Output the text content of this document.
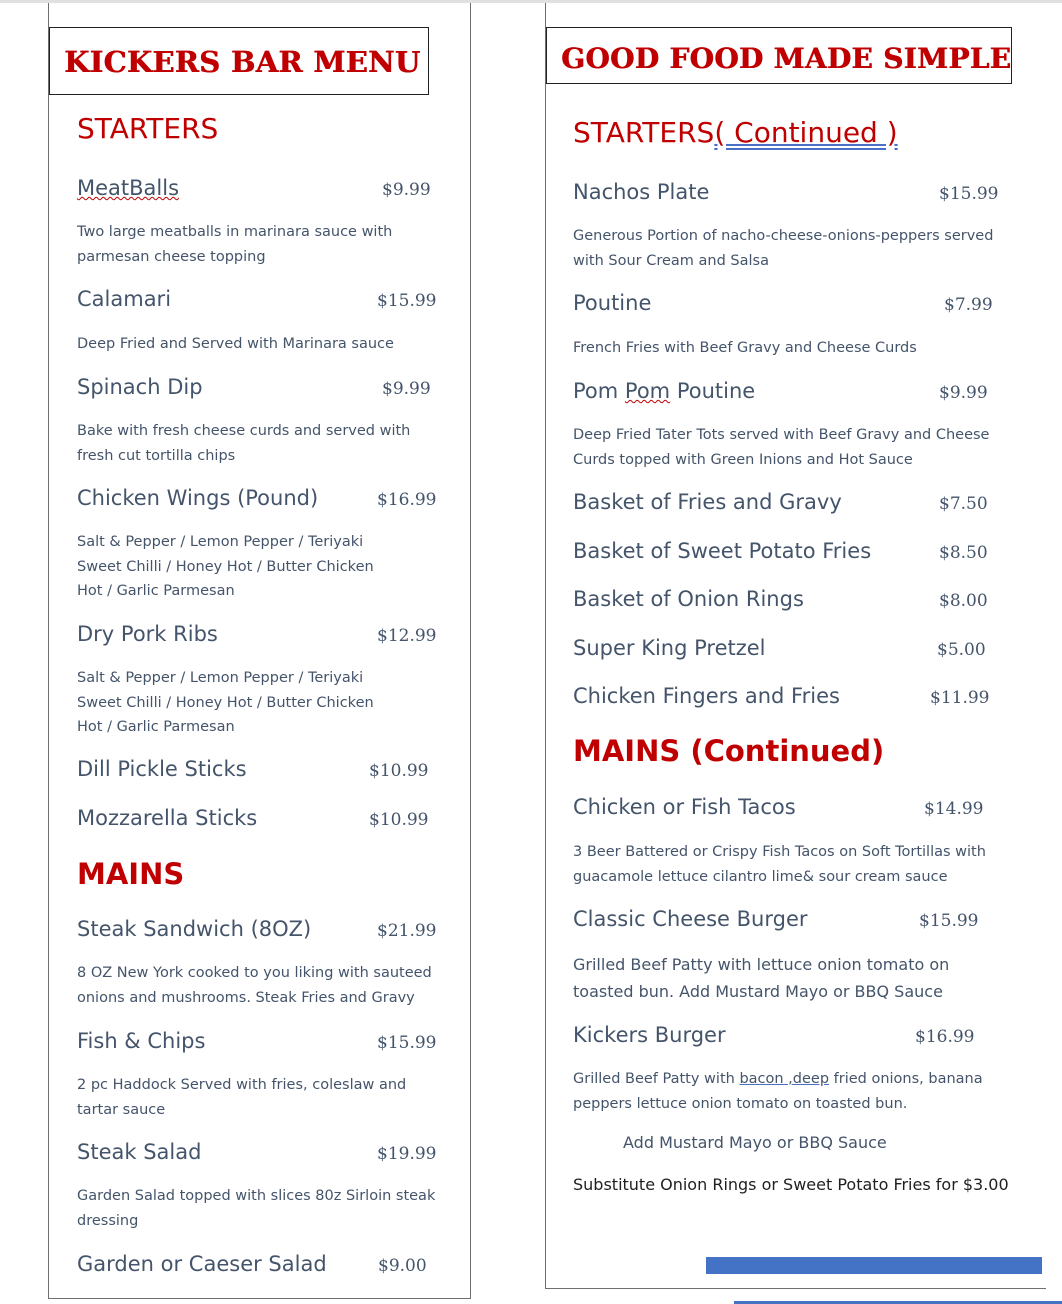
KICKERS BAR MENU
STARTERS
MeatBalls	$9.99
Two large meatballs in marinara sauce with
parmesan cheese topping
Calamari	$15.99
Deep Fried and Served with Marinara sauce
Spinach Dip	$9.99
Bake with fresh cheese curds and served with
fresh cut tortilla chips
Chicken Wings (Pound)	$16.99
Salt & Pepper / Lemon Pepper / Teriyaki
Sweet Chilli / Honey Hot / Butter Chicken
Hot / Garlic Parmesan
Dry Pork Ribs	$12.99
Salt & Pepper / Lemon Pepper / Teriyaki
Sweet Chilli / Honey Hot / Butter Chicken
Hot / Garlic Parmesan
Dill Pickle Sticks	$10.99
Mozzarella Sticks	$10.99
MAINS
Steak Sandwich (8OZ)	$21.99
8 OZ New York cooked to you liking with sauteed
onions and mushrooms. Steak Fries and Gravy
Fish & Chips	$15.99
2 pc Haddock Served with fries, coleslaw and
tartar sauce
Steak Salad	$19.99
Garden Salad topped with slices 80z Sirloin steak
dressing
Garden or Caeser Salad	$9.00
GOOD FOOD MADE SIMPLE
STARTERS( Continued )
Nachos Plate	$15.99
Generous Portion of nacho-cheese-onions-peppers served
with Sour Cream and Salsa
Poutine	$7.99
French Fries with Beef Gravy and Cheese Curds
Pom Pom Poutine	$9.99
Deep Fried Tater Tots served with Beef Gravy and Cheese
Curds topped with Green Inions and Hot Sauce
Basket of Fries and Gravy	$7.50
Basket of Sweet Potato Fries	$8.50
Basket of Onion Rings	$8.00
Super King Pretzel	$5.00
Chicken Fingers and Fries	$11.99
MAINS (Continued)
Chicken or Fish Tacos	$14.99
3 Beer Battered or Crispy Fish Tacos on Soft Tortillas with
guacamole lettuce cilantro lime& sour cream sauce
Classic Cheese Burger	$15.99
Grilled Beef Patty with lettuce onion tomato on
toasted bun. Add Mustard Mayo or BBQ Sauce
Kickers Burger	$16.99
Grilled Beef Patty with bacon ,deep fried onions, banana
peppers lettuce onion tomato on toasted bun.
Add Mustard Mayo or BBQ Sauce
Substitute Onion Rings or Sweet Potato Fries for $3.00
